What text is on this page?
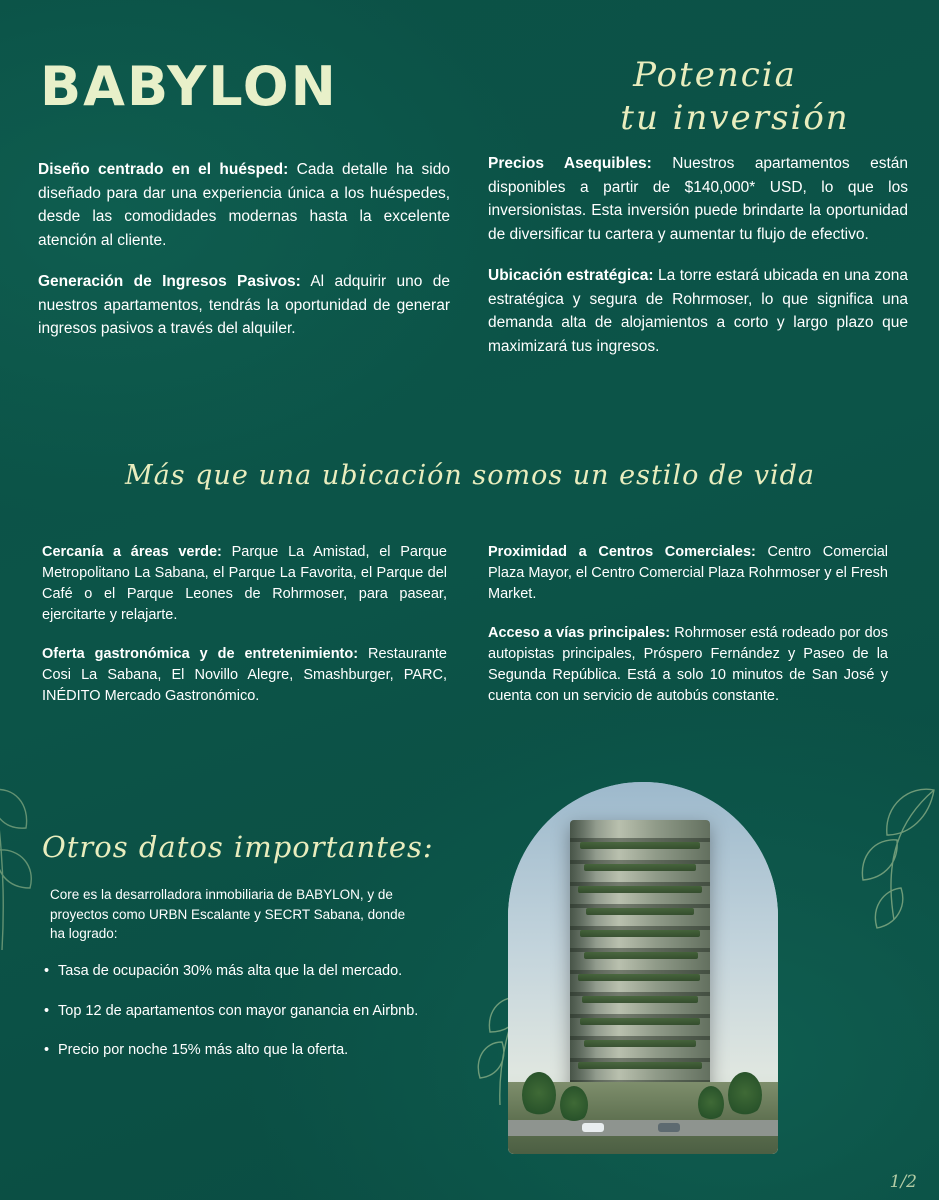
BABYLON	Potencia
tu inversión

Diseño centrado en el huésped: Cada detalle ha sido diseñado para dar una experiencia única a los huéspedes, desde las comodidades modernas hasta la excelente atención al cliente.

Generación de Ingresos Pasivos: Al adquirir uno de nuestros apartamentos, tendrás la oportunidad de generar ingresos pasivos a través del alquiler.

Precios Asequibles: Nuestros apartamentos están disponibles a partir de $140,000* USD, lo que los inversionistas. Esta inversión puede brindarte la oportunidad de diversificar tu cartera y aumentar tu flujo de efectivo.

Ubicación estratégica: La torre estará ubicada en una zona estratégica y segura de Rohrmoser, lo que significa una demanda alta de alojamientos a corto y largo plazo que maximizará tus ingresos.

Más que una ubicación somos un estilo de vida

Cercanía a áreas verde: Parque La Amistad, el Parque Metropolitano La Sabana, el Parque La Favorita, el Parque del Café o el Parque Leones de Rohrmoser, para pasear, ejercitarte y relajarte.

Oferta gastronómica y de entretenimiento: Restaurante Cosi La Sabana, El Novillo Alegre, Smashburger, PARC, INÉDITO Mercado Gastronómico.

Proximidad a Centros Comerciales: Centro Comercial Plaza Mayor, el Centro Comercial Plaza Rohrmoser y el Fresh Market.

Acceso a vías principales: Rohrmoser está rodeado por dos autopistas principales, Próspero Fernández y Paseo de la Segunda República. Está a solo 10 minutos de San José y cuenta con un servicio de autobús constante.

Otros datos importantes:

Core es la desarrolladora inmobiliaria de BABYLON, y de proyectos como URBN Escalante y SECRT Sabana, donde ha logrado:

• Tasa de ocupación 30% más alta que la del mercado.
• Top 12 de apartamentos con mayor ganancia en Airbnb.
• Precio por noche 15% más alto que la oferta.
1/2
